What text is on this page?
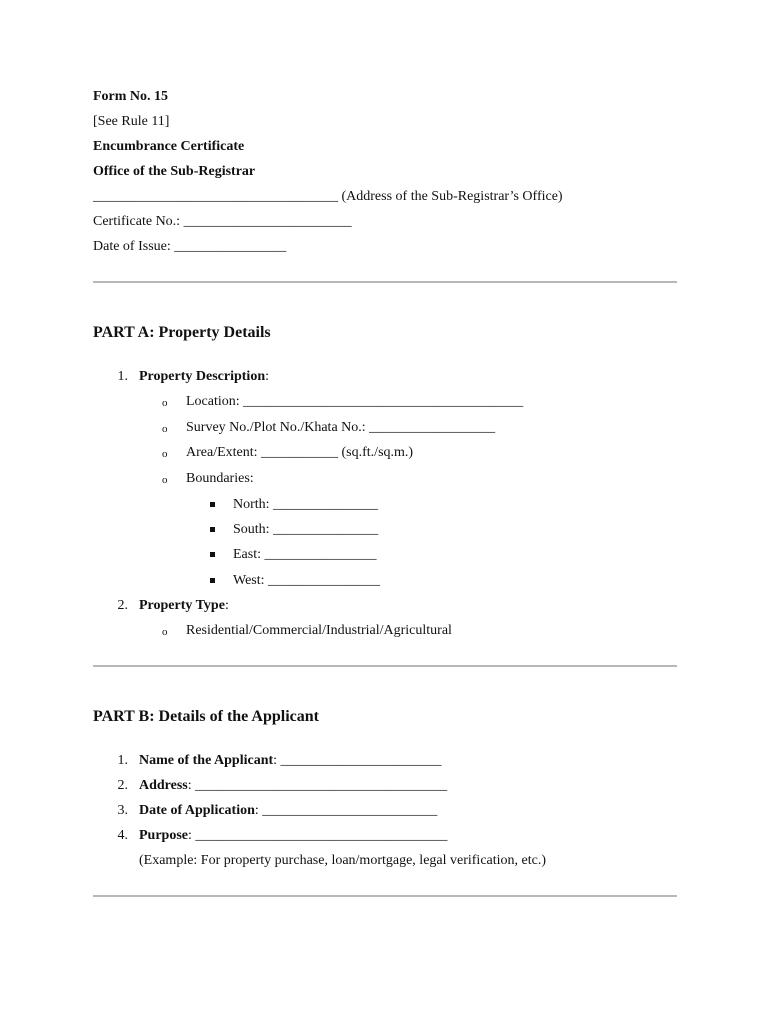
Form No. 15
[See Rule 11]
Encumbrance Certificate
Office of the Sub-Registrar
___________________________________ (Address of the Sub-Registrar’s Office)
Certificate No.: ________________________
Date of Issue: ________________
PART A: Property Details
1. Property Description:
o Location: ________________________________________
o Survey No./Plot No./Khata No.: __________________
o Area/Extent: ___________ (sq.ft./sq.m.)
o Boundaries:
North: _______________
South: _______________
East: ________________
West: ________________
2. Property Type:
o Residential/Commercial/Industrial/Agricultural
PART B: Details of the Applicant
1. Name of the Applicant: _______________________
2. Address: ____________________________________
3. Date of Application: _________________________
4. Purpose: ____________________________________
(Example: For property purchase, loan/mortgage, legal verification, etc.)
